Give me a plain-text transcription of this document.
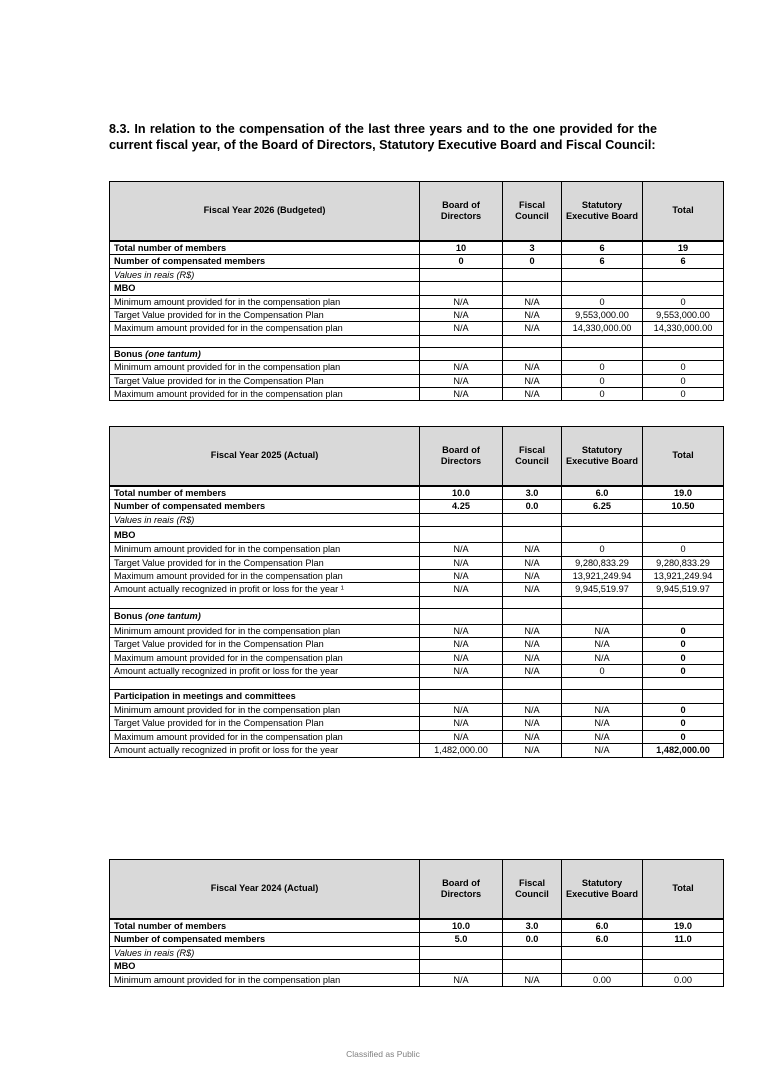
8.3. In relation to the compensation of the last three years and to the one provided for the current fiscal year, of the Board of Directors, Statutory Executive Board and Fiscal Council:
Fiscal Year 2026 (Budgeted)	Board of Directors	Fiscal Council	Statutory Executive Board	Total
Total number of members	10	3	6	19
Number of compensated members	0	0	6	6
Values in reais (R$)				
MBO				
Minimum amount provided for in the compensation plan	N/A	N/A	0	0
Target Value provided for in the Compensation Plan	N/A	N/A	9,553,000.00	9,553,000.00
Maximum amount provided for in the compensation plan	N/A	N/A	14,330,000.00	14,330,000.00

Bonus (one tantum)				
Minimum amount provided for in the compensation plan	N/A	N/A	0	0
Target Value provided for in the Compensation Plan	N/A	N/A	0	0
Maximum amount provided for in the compensation plan	N/A	N/A	0	0
Fiscal Year 2025 (Actual)	Board of Directors	Fiscal Council	Statutory Executive Board	Total
Total number of members	10.0	3.0	6.0	19.0
Number of compensated members	4.25	0.0	6.25	10.50
Values in reais (R$)				
MBO				
Minimum amount provided for in the compensation plan	N/A	N/A	0	0
Target Value provided for in the Compensation Plan	N/A	N/A	9,280,833.29	9,280,833.29
Maximum amount provided for in the compensation plan	N/A	N/A	13,921,249.94	13,921,249.94
Amount actually recognized in profit or loss for the year ¹	N/A	N/A	9,945,519.97	9,945,519.97

Bonus (one tantum)				
Minimum amount provided for in the compensation plan	N/A	N/A	N/A	0
Target Value provided for in the Compensation Plan	N/A	N/A	N/A	0
Maximum amount provided for in the compensation plan	N/A	N/A	N/A	0
Amount actually recognized in profit or loss for the year	N/A	N/A	0	0

Participation in meetings and committees				
Minimum amount provided for in the compensation plan	N/A	N/A	N/A	0
Target Value provided for in the Compensation Plan	N/A	N/A	N/A	0
Maximum amount provided for in the compensation plan	N/A	N/A	N/A	0
Amount actually recognized in profit or loss for the year	1,482,000.00	N/A	N/A	1,482,000.00
Fiscal Year 2024 (Actual)	Board of Directors	Fiscal Council	Statutory Executive Board	Total
Total number of members	10.0	3.0	6.0	19.0
Number of compensated members	5.0	0.0	6.0	11.0
Values in reais (R$)				
MBO				
Minimum amount provided for in the compensation plan	N/A	N/A	0.00	0.00
Classified as Public
